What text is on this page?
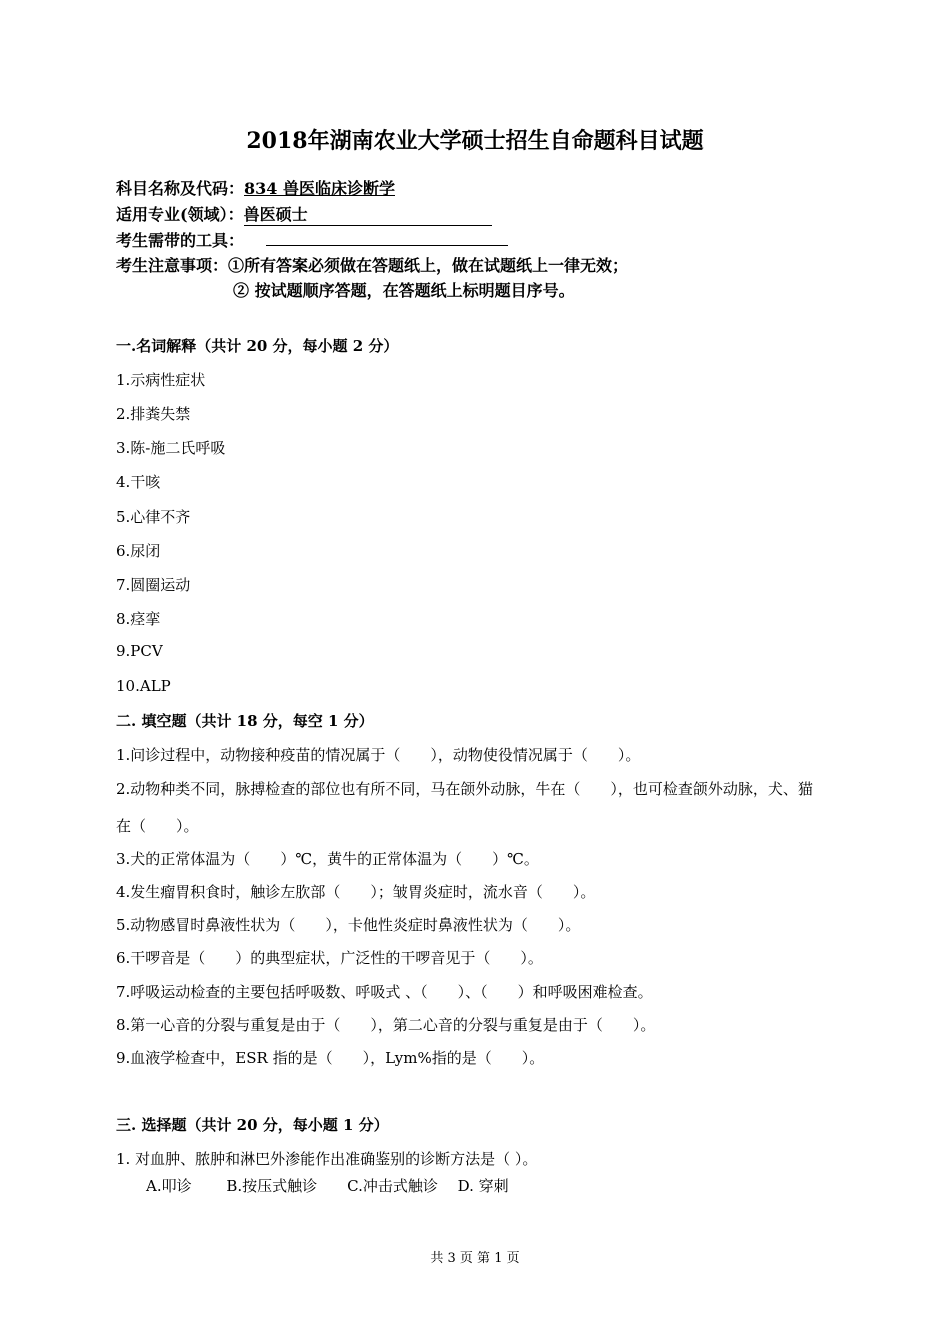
2018年湖南农业大学硕士招生自命题科目试题
科目名称及代码：834 兽医临床诊断学
适用专业(领域）：兽医硕士
考生需带的工具：
考生注意事项：①所有答案必须做在答题纸上，做在试题纸上一律无效；
② 按试题顺序答题，在答题纸上标明题目序号。
一.名词解释（共计 20 分，每小题 2 分）
1.示病性症状
2.排粪失禁
3.陈-施二氏呼吸
4.干咳
5.心律不齐
6.尿闭
7.圆圈运动
8.痉挛
9.PCV
10.ALP
二. 填空题（共计 18 分，每空 1 分）
1.问诊过程中，动物接种疫苗的情况属于（　　），动物使役情况属于（　　）。
2.动物种类不同，脉搏检查的部位也有所不同，马在颌外动脉，牛在（　　），也可检查颌外动脉，犬、猫
在（　　）。
3.犬的正常体温为（　　）℃，黄牛的正常体温为（　　）℃。
4.发生瘤胃积食时，触诊左肷部（　　）；皱胃炎症时，流水音（　　）。
5.动物感冒时鼻液性状为（　　），卡他性炎症时鼻液性状为（　　）。
6.干啰音是（　　）的典型症状，广泛性的干啰音见于（　　）。
7.呼吸运动检查的主要包括呼吸数、呼吸式 、（　　）、（　　）和呼吸困难检查。
8.第一心音的分裂与重复是由于（　　），第二心音的分裂与重复是由于（　　）。
9.血液学检查中，ESR 指的是（　　），Lym%指的是（　　）。
三. 选择题（共计 20 分，每小题 1 分）
1. 对血肿、脓肿和淋巴外渗能作出准确鉴别的诊断方法是（ ）。
A.叩诊　　 B.按压式触诊　　C.冲击式触诊　 D. 穿刺
共 3 页 第 1 页
